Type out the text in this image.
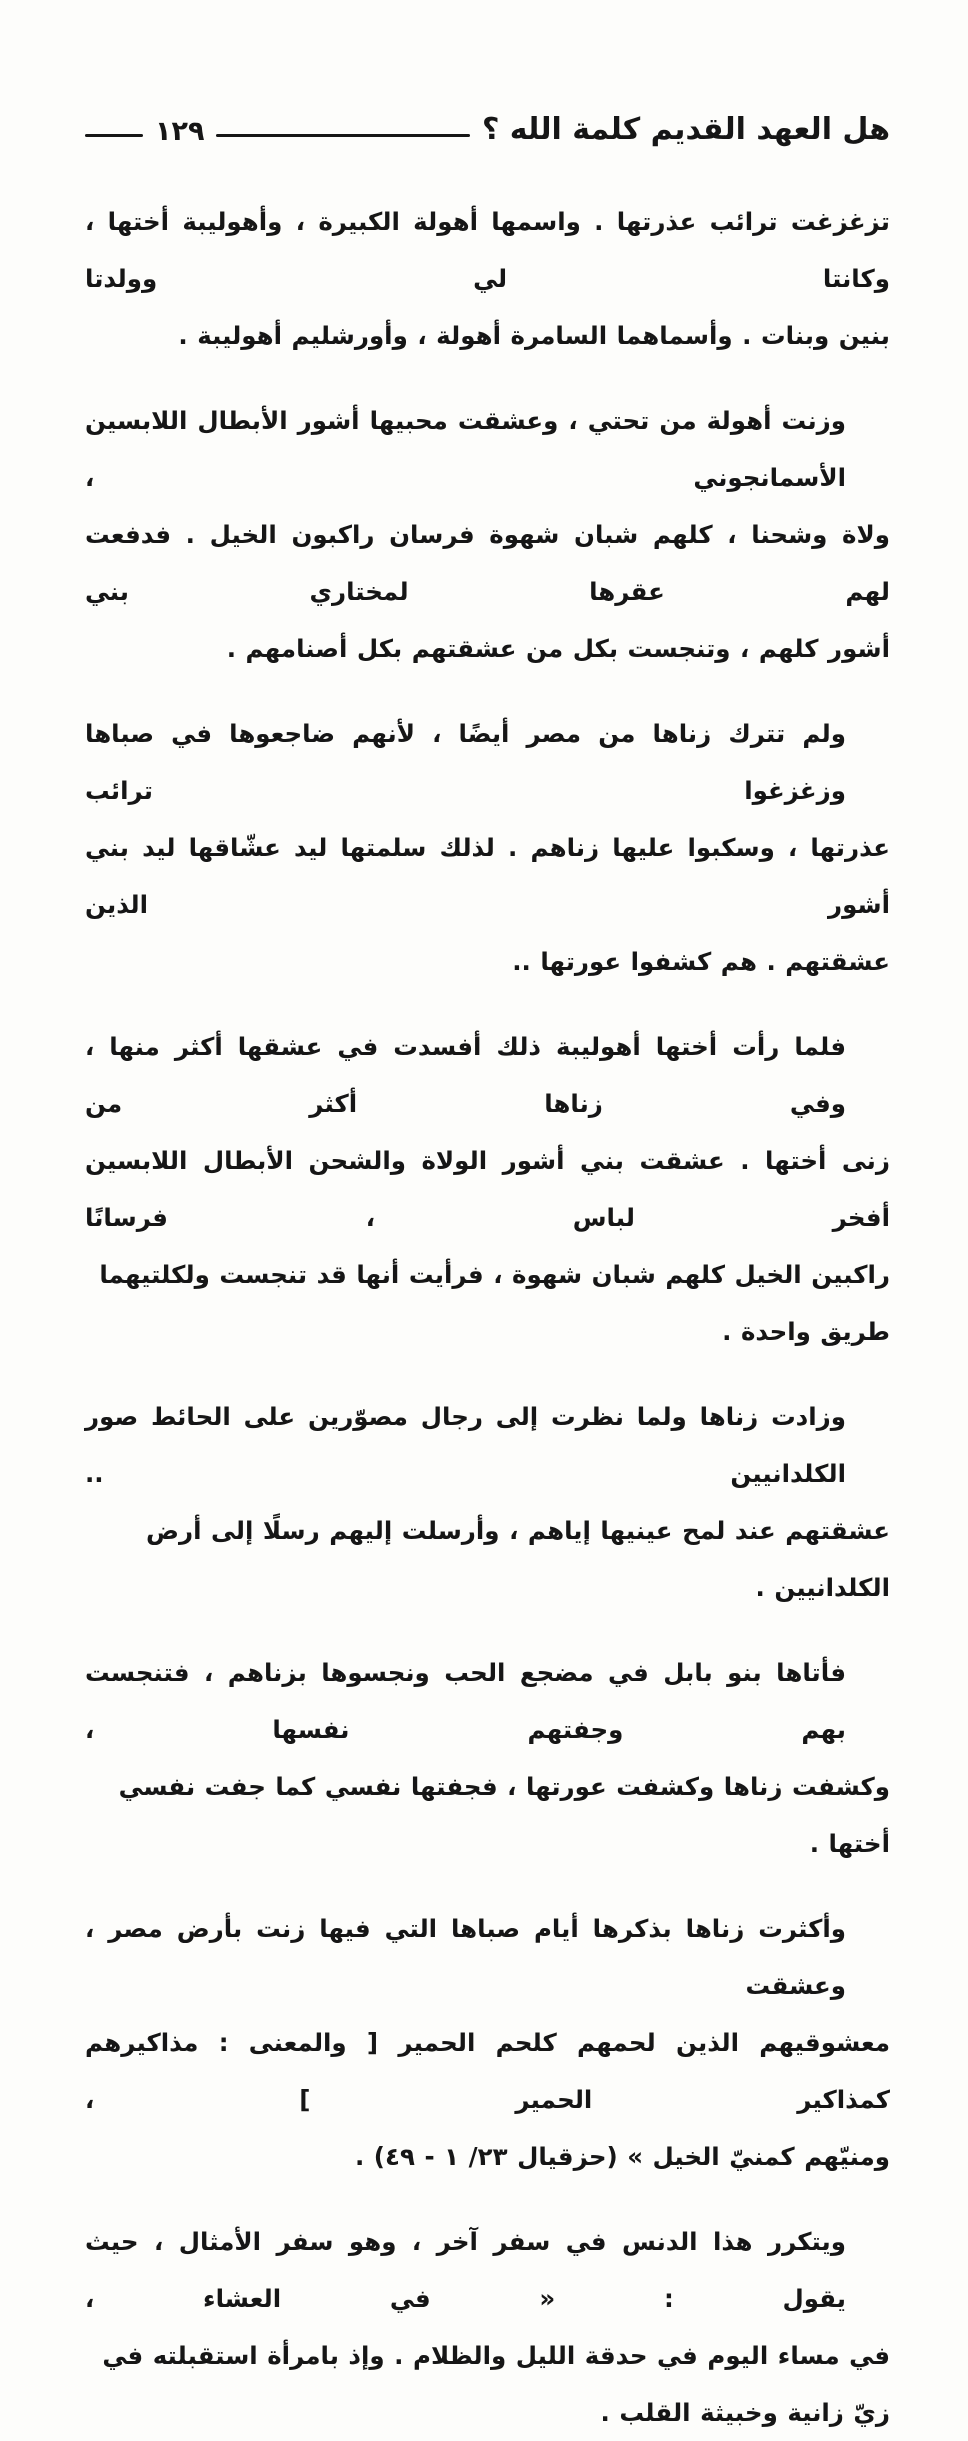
هل العهد القديم كلمة الله ؟
١٢٩

تزغزغت ترائب عذرتها . واسمها أهولة الكبيرة ، وأهوليبة أختها ، وكانتا لي وولدتا
بنين وبنات . وأسماهما السامرة أهولة ، وأورشليم أهوليبة .

وزنت أهولة من تحتي ، وعشقت محبيها أشور الأبطال اللابسين الأسمانجوني ،
ولاة وشحنا ، كلهم شبان شهوة فرسان راكبون الخيل . فدفعت لهم عقرها لمختاري بني
أشور كلهم ، وتنجست بكل من عشقتهم بكل أصنامهم .

ولم تترك زناها من مصر أيضًا ، لأنهم ضاجعوها في صباها وزغزغوا ترائب
عذرتها ، وسكبوا عليها زناهم . لذلك سلمتها ليد عشّاقها ليد بني أشور الذين
عشقتهم . هم كشفوا عورتها ..

فلما رأت أختها أهوليبة ذلك أفسدت في عشقها أكثر منها ، وفي زناها أكثر من
زنى أختها . عشقت بني أشور الولاة والشحن الأبطال اللابسين أفخر لباس ، فرسانًا
راكبين الخيل كلهم شبان شهوة ، فرأيت أنها قد تنجست ولكلتيهما طريق واحدة .

وزادت زناها ولما نظرت إلى رجال مصوّرين على الحائط صور الكلدانيين ..
عشقتهم عند لمح عينيها إياهم ، وأرسلت إليهم رسلًا إلى أرض الكلدانيين .

فأتاها بنو بابل في مضجع الحب ونجسوها بزناهم ، فتنجست بهم وجفتهم نفسها ،
وكشفت زناها وكشفت عورتها ، فجفتها نفسي كما جفت نفسي أختها .

وأكثرت زناها بذكرها أيام صباها التي فيها زنت بأرض مصر ، وعشقت
معشوقيهم الذين لحمهم كلحم الحمير [ والمعنى : مذاكيرهم كمذاكير الحمير ] ،
ومنيّهم كمنيّ الخيل » (حزقيال ٢٣/ ١ - ٤٩) .

ويتكرر هذا الدنس في سفر آخر ، وهو سفر الأمثال ، حيث يقول : « في العشاء ،
في مساء اليوم في حدقة الليل والظلام . وإذ بامرأة استقبلته في زيّ زانية وخبيثة القلب .
